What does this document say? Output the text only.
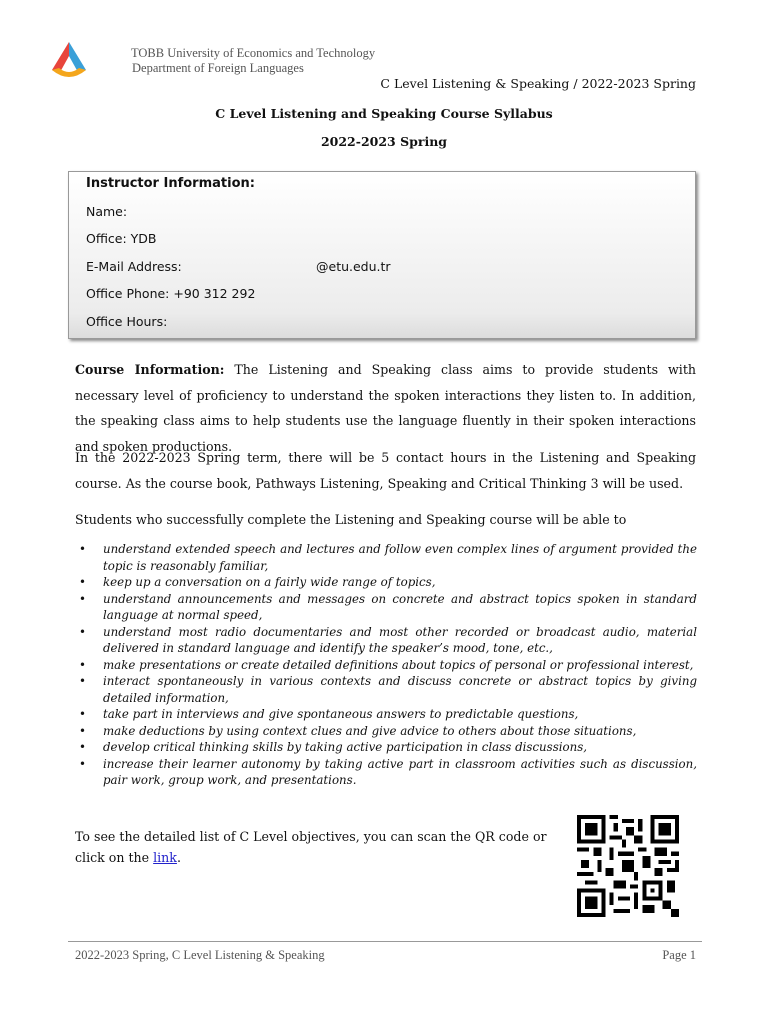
TOBB University of Economics and Technology
Department of Foreign Languages
C Level Listening & Speaking / 2022-2023 Spring
C Level Listening and Speaking Course Syllabus
2022-2023 Spring
Instructor Information:
Name:
Office: YDB
E-Mail Address:	@etu.edu.tr
Office Phone: +90 312 292
Office Hours:
Course Information: The Listening and Speaking class aims to provide students with necessary level of proficiency to understand the spoken interactions they listen to. In addition, the speaking class aims to help students use the language fluently in their spoken interactions and spoken productions.
In the 2022-2023 Spring term, there will be 5 contact hours in the Listening and Speaking course. As the course book, Pathways Listening, Speaking and Critical Thinking 3 will be used.
Students who successfully complete the Listening and Speaking course will be able to
• understand extended speech and lectures and follow even complex lines of argument provided the topic is reasonably familiar,
• keep up a conversation on a fairly wide range of topics,
• understand announcements and messages on concrete and abstract topics spoken in standard language at normal speed,
• understand most radio documentaries and most other recorded or broadcast audio, material delivered in standard language and identify the speaker’s mood, tone, etc.,
• make presentations or create detailed definitions about topics of personal or professional interest,
• interact spontaneously in various contexts and discuss concrete or abstract topics by giving detailed information,
• take part in interviews and give spontaneous answers to predictable questions,
• make deductions by using context clues and give advice to others about those situations,
• develop critical thinking skills by taking active participation in class discussions,
• increase their learner autonomy by taking active part in classroom activities such as discussion, pair work, group work, and presentations.
To see the detailed list of C Level objectives, you can scan the QR code or click on the link.
2022-2023 Spring, C Level Listening & Speaking	Page 1
